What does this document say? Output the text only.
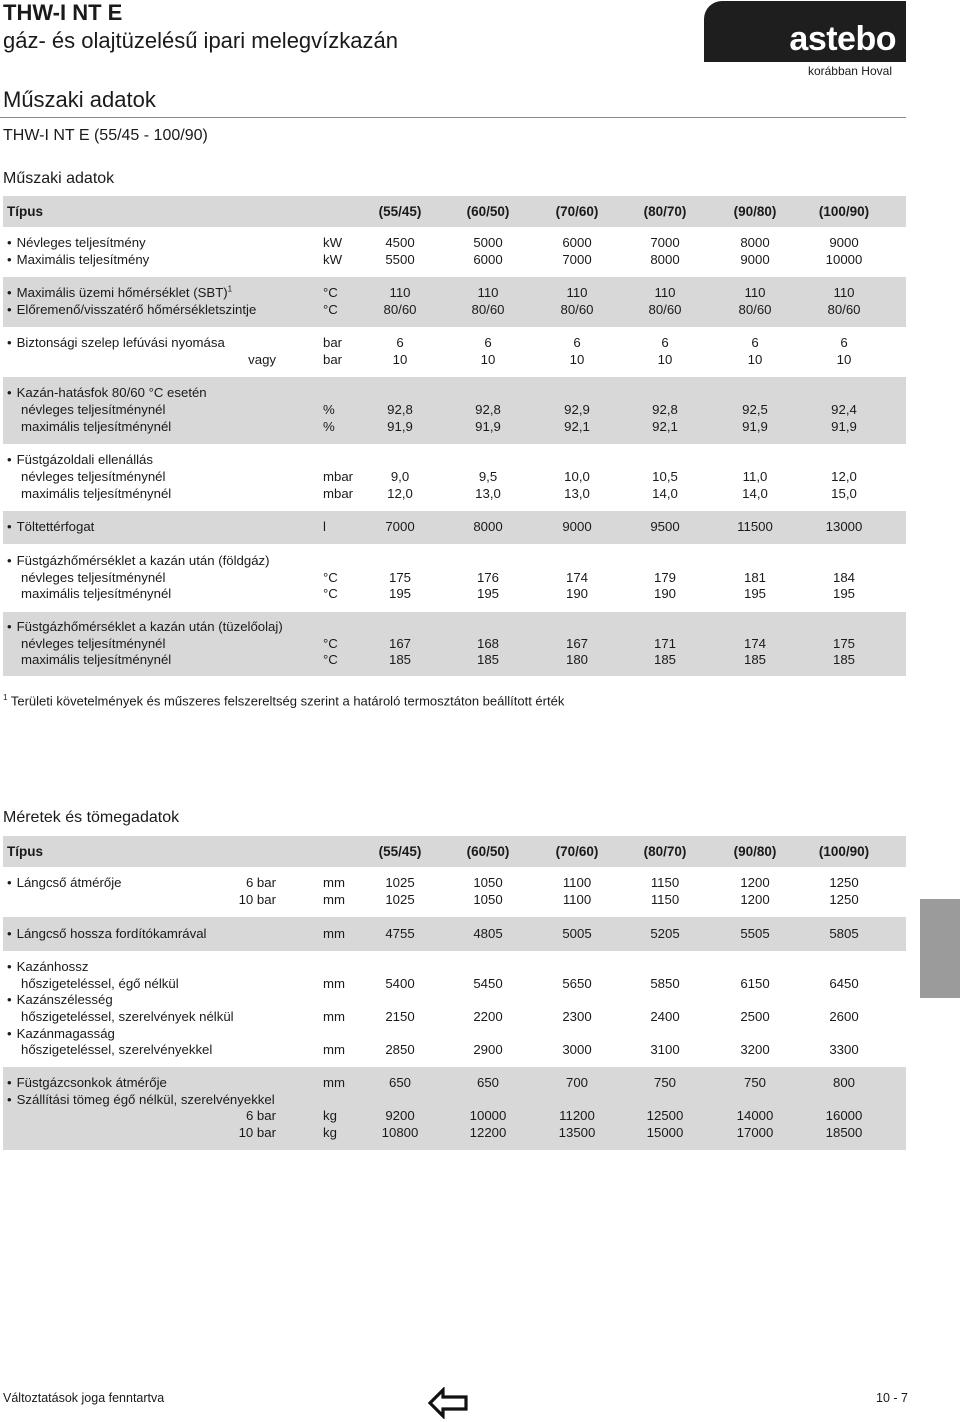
THW-I NT E
gáz- és olajtüzelésű ipari melegvízkazán	astebo
korábban Hoval
Műszaki adatok
THW-I NT E (55/45 - 100/90)
Műszaki adatok
Típus	(55/45)	(60/50)	(70/60)	(80/70)	(90/80)	(100/90)
• Névleges teljesítmény	kW	4500	5000	6000	7000	8000	9000
• Maximális teljesítmény	kW	5500	6000	7000	8000	9000	10000
• Maximális üzemi hőmérséklet (SBT)$^1$	°C	110	110	110	110	110	110
• Előremenő/visszatérő hőmérsékletszintje	°C	80/60	80/60	80/60	80/60	80/60	80/60
• Biztonsági szelep lefúvási nyomása	bar	6	6	6	6	6	6
vagy	bar	10	10	10	10	10	10
• Kazán-hatásfok 80/60 °C esetén
névleges teljesítménynél	%	92,8	92,8	92,9	92,8	92,5	92,4
maximális teljesítménynél	%	91,9	91,9	92,1	92,1	91,9	91,9
• Füstgázoldali ellenállás
névleges teljesítménynél	mbar	9,0	9,5	10,0	10,5	11,0	12,0
maximális teljesítménynél	mbar	12,0	13,0	13,0	14,0	14,0	15,0
• Töltettérfogat	l	7000	8000	9000	9500	11500	13000
• Füstgázhőmérséklet a kazán után (földgáz)
névleges teljesítménynél	°C	175	176	174	179	181	184
maximális teljesítménynél	°C	195	195	190	190	195	195
• Füstgázhőmérséklet a kazán után (tüzelőolaj)
névleges teljesítménynél	°C	167	168	167	171	174	175
maximális teljesítménynél	°C	185	185	180	185	185	185
$^1$ Területi követelmények és műszeres felszereltség szerint a határoló termosztáton beállított érték
Méretek és tömegadatok
Típus	(55/45)	(60/50)	(70/60)	(80/70)	(90/80)	(100/90)
• Lángcső átmérője	6 bar	mm	1025	1050	1100	1150	1200	1250
10 bar	mm	1025	1050	1100	1150	1200	1250
• Lángcső hossza fordítókamrával	mm	4755	4805	5005	5205	5505	5805
• Kazánhossz
hőszigeteléssel, égő nélkül	mm	5400	5450	5650	5850	6150	6450
• Kazánszélesség
hőszigeteléssel, szerelvények nélkül	mm	2150	2200	2300	2400	2500	2600
• Kazánmagasság
hőszigeteléssel, szerelvényekkel	mm	2850	2900	3000	3100	3200	3300
• Füstgázcsonkok átmérője	mm	650	650	700	750	750	800
• Szállítási tömeg égő nélkül, szerelvényekkel
6 bar	kg	9200	10000	11200	12500	14000	16000
10 bar	kg	10800	12200	13500	15000	17000	18500
Változtatások joga fenntartva	10 - 7
